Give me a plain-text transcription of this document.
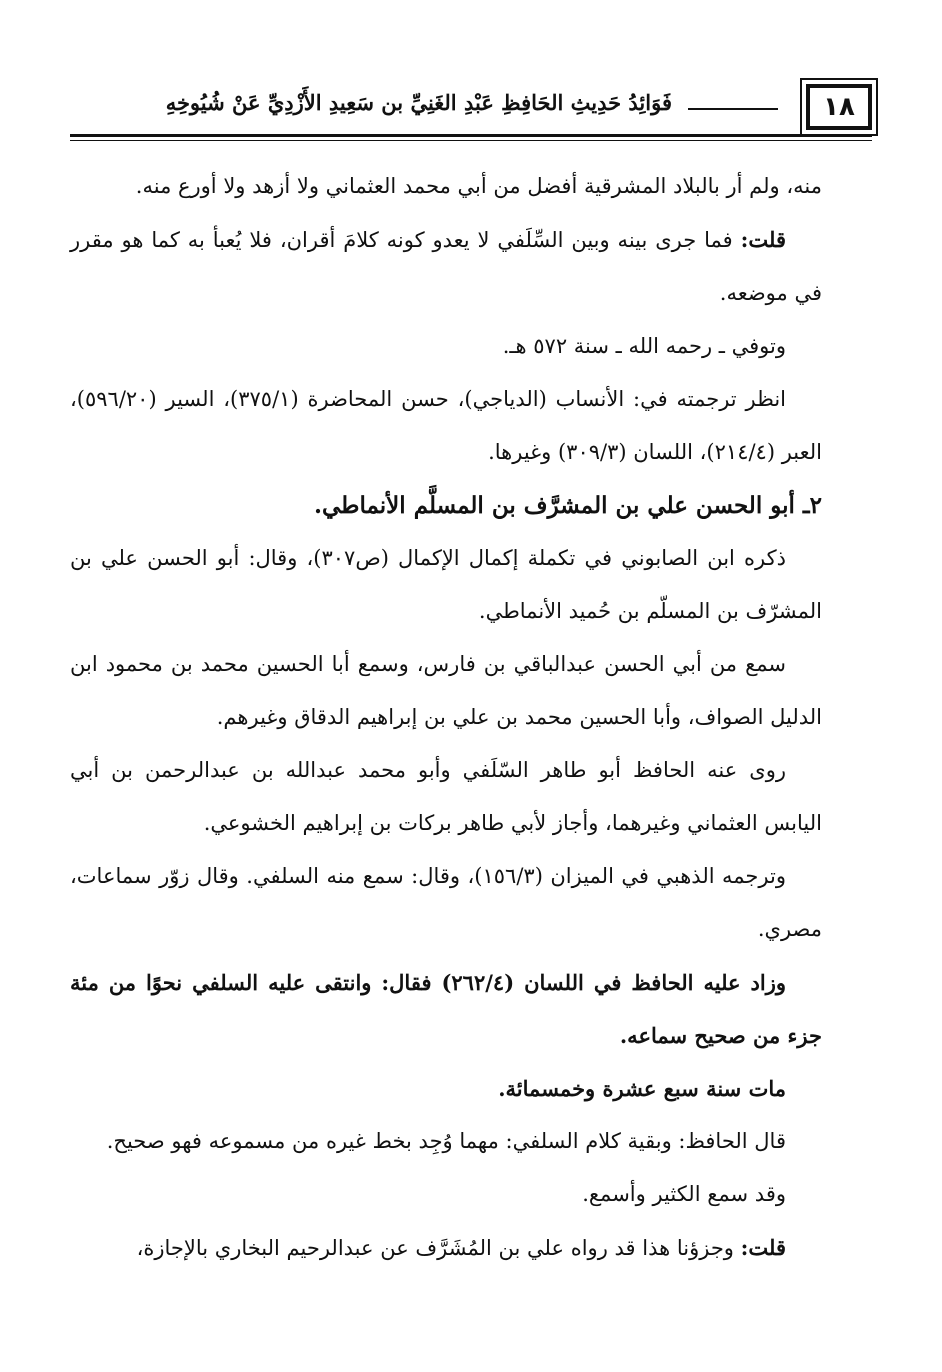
١٨
فَوَائِدُ حَدِيثِ الحَافِظِ عَبْدِ الغَنِيِّ بن سَعِيدِ الأَزْدِيِّ عَنْ شُيُوخِهِ

منه، ولم أر بالبلاد المشرقية أفضل من أبي محمد العثماني ولا أزهد ولا أورع منه.

قلت: فما جرى بينه وبين السِّلَفي لا يعدو كونه كلامَ أقران، فلا يُعبأ به كما هو مقرر في موضعه.

وتوفي ـ رحمه الله ـ سنة ٥٧٢ هـ.

انظر ترجمته في: الأنساب (الدياجي)، حسن المحاضرة (٣٧٥/١)، السير (٥٩٦/٢٠)، العبر (٢١٤/٤)، اللسان (٣٠٩/٣) وغيرها.

٢ـ أبو الحسن علي بن المشرَّف بن المسلَّم الأنماطي.

ذكره ابن الصابوني في تكملة إكمال الإكمال (ص٣٠٧)، وقال: أبو الحسن علي بن المشرّف بن المسلّم بن حُميد الأنماطي.

سمع من أبي الحسن عبدالباقي بن فارس، وسمع أبا الحسين محمد بن محمود ابن الدليل الصواف، وأبا الحسين محمد بن علي بن إبراهيم الدقاق وغيرهم.

روى عنه الحافظ أبو طاهر السّلَفي وأبو محمد عبدالله بن عبدالرحمن بن أبي اليابس العثماني وغيرهما، وأجاز لأبي طاهر بركات بن إبراهيم الخشوعي.

وترجمه الذهبي في الميزان (١٥٦/٣)، وقال: سمع منه السلفي. وقال زوّر سماعات، مصري.

وزاد عليه الحافظ في اللسان (٢٦٢/٤) فقال: وانتقى عليه السلفي نحوًا من مئة جزء من صحيح سماعه.

مات سنة سبع عشرة وخمسمائة.

قال الحافظ: وبقية كلام السلفي: مهما وُجِد بخط غيره من مسموعه فهو صحيح.

وقد سمع الكثير وأسمع.

قلت: وجزؤنا هذا قد رواه علي بن المُشَرَّف عن عبدالرحيم البخاري بالإجازة،
